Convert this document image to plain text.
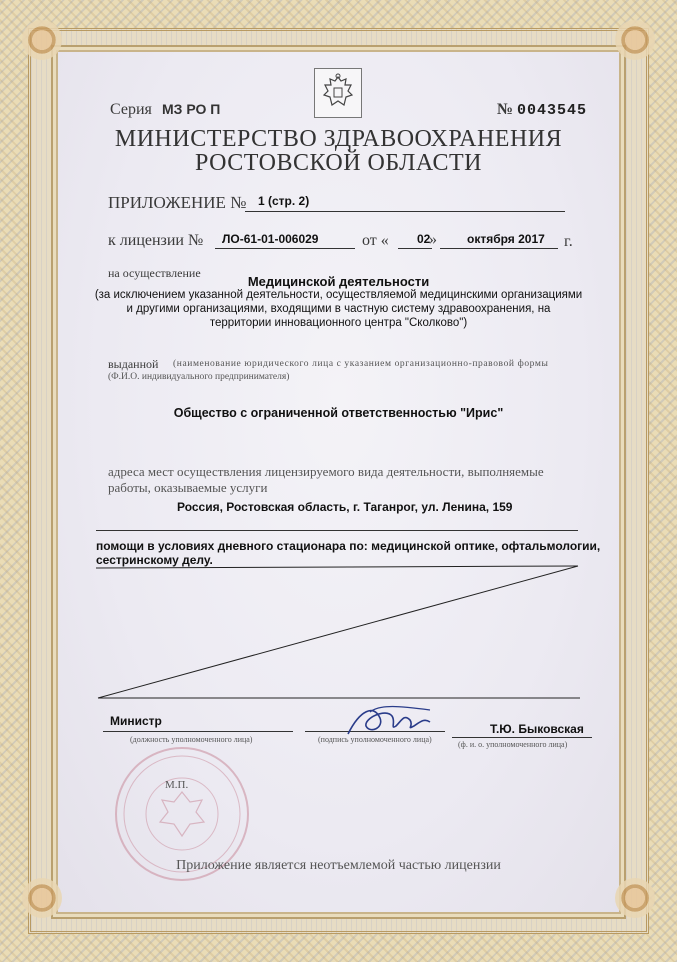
Серия МЗ РО П	№ 0043545
МИНИСТЕРСТВО ЗДРАВООХРАНЕНИЯ
РОСТОВСКОЙ ОБЛАСТИ
ПРИЛОЖЕНИЕ № 1 (стр. 2)
к лицензии № ЛО-61-01-006029	от « 02
»	октября 2017 г.
на осуществление
Медицинской деятельности
(за исключением указанной деятельности, осуществляемой медицинскими организациями
и другими организациями, входящими в частную систему здравоохранения, на
территории инновационного центра "Сколково")
выданной (наименование юридического лица с указанием организационно-правовой формы
(Ф.И.О. индивидуального предпринимателя)
Общество с ограниченной ответственностью "Ирис"
адреса мест осуществления лицензируемого вида деятельности, выполняемые
работы, оказываемые услуги
Россия, Ростовская область, г. Таганрог, ул. Ленина, 159
помощи в условиях дневного стационара по: медицинской оптике, офтальмологии,
сестринскому делу.
Министр
(должность уполномоченного лица)	(подпись уполномоченного лица)
Т.Ю. Быковская
(ф. и. о. уполномоченного лица)
М.П.
Приложение является неотъемлемой частью лицензии
